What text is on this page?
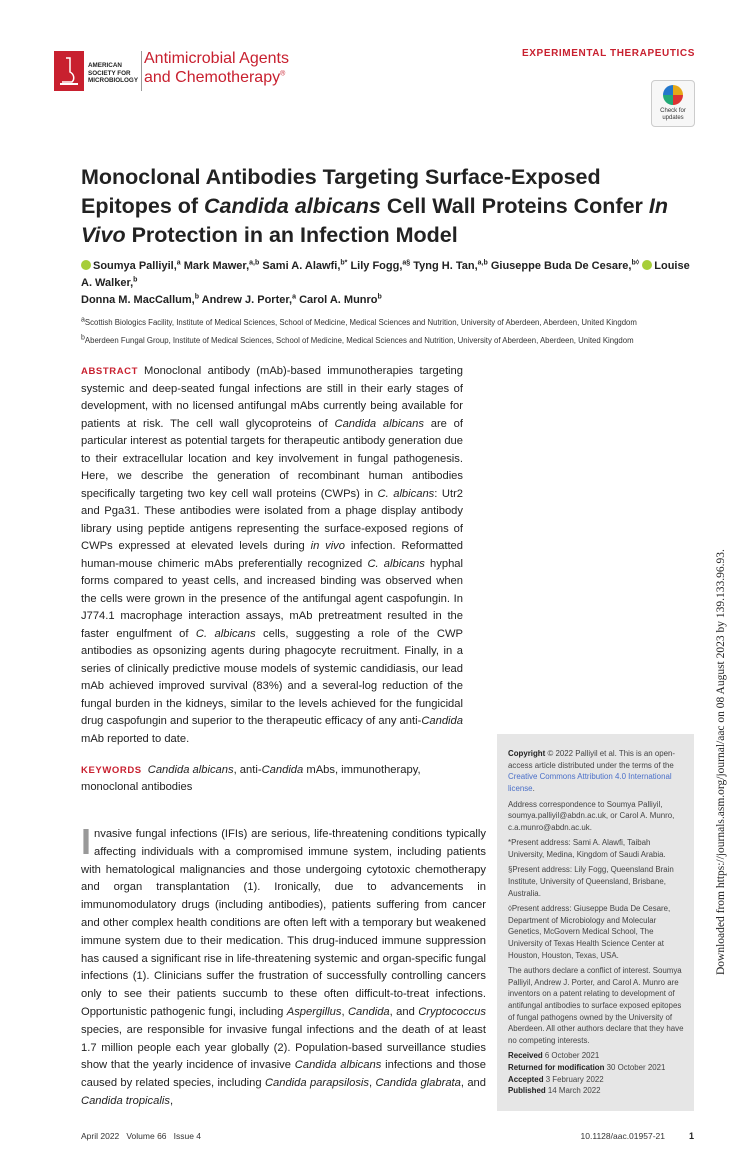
AMERICAN
SOCIETY FOR
MICROBIOLOGY
Antimicrobial Agents
and Chemotherapy®
EXPERIMENTAL THERAPEUTICS
Check for
updates
Monoclonal Antibodies Targeting Surface-Exposed Epitopes of Candida albicans Cell Wall Proteins Confer In Vivo Protection in an Infection Model
Soumya Palliyil,$^a$ Mark Mawer,$^{a,b}$ Sami A. Alawfi,$^{b*}$ Lily Fogg,$^{a\S}$ Tyng H. Tan,$^{a,b}$ Giuseppe Buda De Cesare,$^{b◊}$ Louise A. Walker,$^b$
Donna M. MacCallum,$^b$ Andrew J. Porter,$^a$ Carol A. Munro$^b$
$^a$Scottish Biologics Facility, Institute of Medical Sciences, School of Medicine, Medical Sciences and Nutrition, University of Aberdeen, Aberdeen, United Kingdom
$^b$Aberdeen Fungal Group, Institute of Medical Sciences, School of Medicine, Medical Sciences and Nutrition, University of Aberdeen, Aberdeen, United Kingdom

ABSTRACT Monoclonal antibody (mAb)-based immunotherapies targeting systemic and deep-seated fungal infections are still in their early stages of development, with no licensed antifungal mAbs currently being available for patients at risk. The cell wall glycoproteins of Candida albicans are of particular interest as potential targets for therapeutic antibody generation due to their extracellular location and key involvement in fungal pathogenesis. Here, we describe the generation of recombinant human antibodies specifically targeting two key cell wall proteins (CWPs) in C. albicans: Utr2 and Pga31. These antibodies were isolated from a phage display antibody library using peptide antigens representing the surface-exposed regions of CWPs expressed at elevated levels during in vivo infection. Reformatted human-mouse chimeric mAbs preferentially recognized C. albicans hyphal forms compared to yeast cells, and increased binding was observed when the cells were grown in the presence of the antifungal agent caspofungin. In J774.1 macrophage interaction assays, mAb pretreatment resulted in the faster engulfment of C. albicans cells, suggesting a role of the CWP antibodies as opsonizing agents during phagocyte recruitment. Finally, in a series of clinically predictive mouse models of systemic candidiasis, our lead mAb achieved improved survival (83%) and a several-log reduction of the fungal burden in the kidneys, similar to the levels achieved for the fungicidal drug caspofungin and superior to the therapeutic efficacy of any anti-Candida mAb reported to date.

KEYWORDS Candida albicans, anti-Candida mAbs, immunotherapy, monoclonal antibodies

Invasive fungal infections (IFIs) are serious, life-threatening conditions typically affecting individuals with a compromised immune system, including patients with hematological malignancies and those undergoing cytotoxic chemotherapy and organ transplantation (1). Ironically, due to advancements in immunomodulatory drugs (including antibodies), patients suffering from cancer and other complex health conditions are often left with a temporary but weakened immune system due to their medication. This drug-induced immune suppression has caused a significant rise in life-threatening systemic and organ-specific fungal infections (1). Clinicians suffer the frustration of successfully controlling cancers only to see their patients succumb to these often difficult-to-treat infections. Opportunistic pathogenic fungi, including Aspergillus, Candida, and Cryptococcus species, are responsible for invasive fungal infections and the death of at least 1.7 million people each year globally (2). Population-based surveillance studies show that the yearly incidence of invasive Candida albicans infections and those caused by related species, including Candida parapsilosis, Candida glabrata, and Candida tropicalis,

Copyright © 2022 Palliyil et al. This is an open-access article distributed under the terms of the Creative Commons Attribution 4.0 International license.

Address correspondence to Soumya Palliyil, soumya.palliyil@abdn.ac.uk, or Carol A. Munro, c.a.munro@abdn.ac.uk.

*Present address: Sami A. Alawfi, Taibah University, Medina, Kingdom of Saudi Arabia.

§Present address: Lily Fogg, Queensland Brain Institute, University of Queensland, Brisbane, Australia.

◊Present address: Giuseppe Buda De Cesare, Department of Microbiology and Molecular Genetics, McGovern Medical School, The University of Texas Health Science Center at Houston, Houston, Texas, USA.

The authors declare a conflict of interest. Soumya Palliyil, Andrew J. Porter, and Carol A. Munro are inventors on a patent relating to development of antifungal antibodies to surface exposed epitopes of fungal pathogens owned by the University of Aberdeen. All other authors declare that they have no competing interests.

Received 6 October 2021
Returned for modification 30 October 2021
Accepted 3 February 2022
Published 14 March 2022
April 2022   Volume 66   Issue 4	10.1128/aac.01957-21	1
Downloaded from https://journals.asm.org/journal/aac on 08 August 2023 by 139.133.96.93.
